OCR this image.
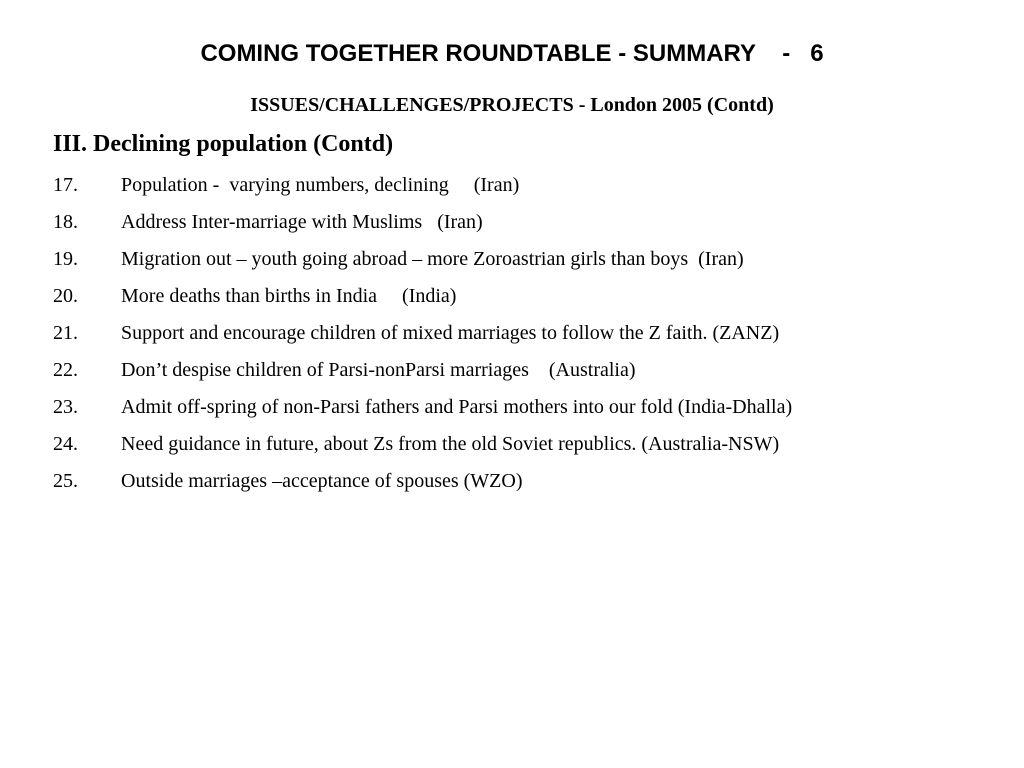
COMING TOGETHER ROUNDTABLE - SUMMARY    -   6
ISSUES/CHALLENGES/PROJECTS - London 2005 (Contd)
III. Declining population (Contd)
17.	Population -  varying numbers, declining     (Iran)
18.	Address Inter-marriage with Muslims   (Iran)
19.	Migration out – youth going abroad – more Zoroastrian girls than boys  (Iran)
20.	More deaths than births in India     (India)
21.	Support and encourage children of mixed marriages to follow the Z faith. (ZANZ)
22.	Don’t despise children of Parsi-nonParsi marriages    (Australia)
23.	Admit off-spring of non-Parsi fathers and Parsi mothers into our fold (India-Dhalla)
24.	Need guidance in future, about Zs from the old Soviet republics. (Australia-NSW)
25.	Outside marriages –acceptance of spouses (WZO)
